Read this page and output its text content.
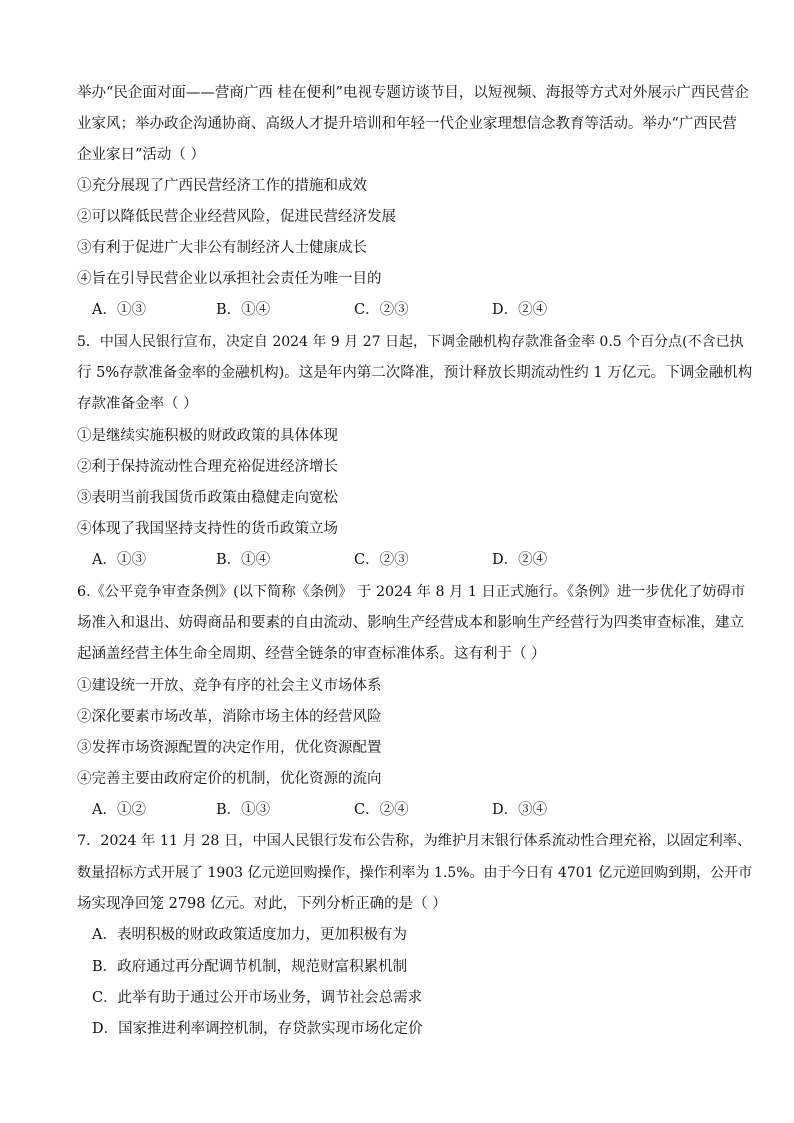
举办“民企面对面——营商广西 桂在便利”电视专题访谈节目，以短视频、海报等方式对外展示广西民营企
业家风；举办政企沟通协商、高级人才提升培训和年轻一代企业家理想信念教育等活动。举办“广西民营
企业家日”活动（ ）
①充分展现了广西民营经济工作的措施和成效
②可以降低民营企业经营风险，促进民营经济发展
③有利于促进广大非公有制经济人士健康成长
④旨在引导民营企业以承担社会责任为唯一目的
A．①③	B．①④	C．②③	D．②④
5．中国人民银行宣布，决定自 2024 年 9 月 27 日起，下调金融机构存款准备金率 0.5 个百分点(不含已执
行 5%存款准备金率的金融机构)。这是年内第二次降准，预计释放长期流动性约 1 万亿元。下调金融机构
存款准备金率（ ）
①是继续实施积极的财政政策的具体体现
②利于保持流动性合理充裕促进经济增长
③表明当前我国货币政策由稳健走向宽松
④体现了我国坚持支持性的货币政策立场
A．①③	B．①④	C．②③	D．②④
6.《公平竞争审查条例》(以下简称《条例》 于 2024 年 8 月 1 日正式施行。《条例》进一步优化了妨碍市
场准入和退出、妨碍商品和要素的自由流动、影响生产经营成本和影响生产经营行为四类审查标准，建立
起涵盖经营主体生命全周期、经营全链条的审查标准体系。这有利于（ ）
①建设统一开放、竞争有序的社会主义市场体系
②深化要素市场改革，消除市场主体的经营风险
③发挥市场资源配置的决定作用，优化资源配置
④完善主要由政府定价的机制，优化资源的流向
A．①②	B．①③	C．②④	D．③④
7．2024 年 11 月 28 日，中国人民银行发布公告称，为维护月末银行体系流动性合理充裕，以固定利率、
数量招标方式开展了 1903 亿元逆回购操作，操作利率为 1.5%。由于今日有 4701 亿元逆回购到期，公开市
场实现净回笼 2798 亿元。对此，下列分析正确的是（ ）
A．表明积极的财政政策适度加力，更加积极有为
B．政府通过再分配调节机制，规范财富积累机制
C．此举有助于通过公开市场业务，调节社会总需求
D．国家推进利率调控机制，存贷款实现市场化定价
